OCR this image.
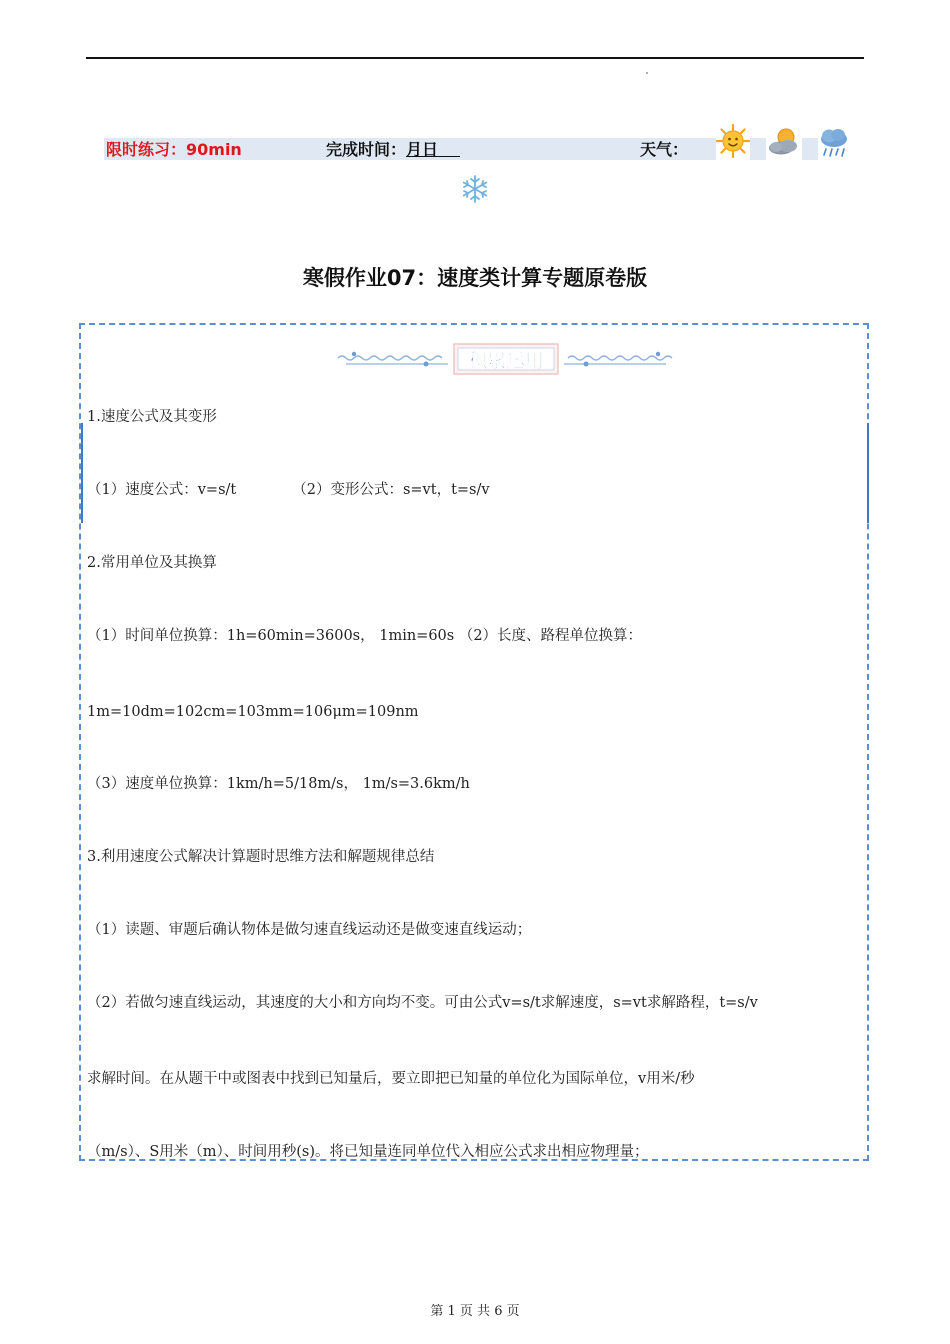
限时练习：90min	完成时间：
月
日	天气：
寒假作业07：速度类计算专题原卷版
积累运用
1.速度公式及其变形
（1）速度公式：v=s/t	（2）变形公式：s=vt，t=s/v
2.常用单位及其换算
（1）时间单位换算：1h=60min=3600s， 1min=60s （2）长度、路程单位换算：
1m=10dm=102cm=103mm=106μm=109nm
（3）速度单位换算：1km/h=5/18m/s， 1m/s=3.6km/h
3.利用速度公式解决计算题时思维方法和解题规律总结
（1）读题、审题后确认物体是做匀速直线运动还是做变速直线运动；
（2）若做匀速直线运动，其速度的大小和方向均不变。可由公式v=s/t求解速度，s=vt求解路程，t=s/v
求解时间。在从题干中或图表中找到已知量后，要立即把已知量的单位化为国际单位，v用米/秒
（m/s）、S用米（m）、时间用秒(s)。将已知量连同单位代入相应公式求出相应物理量；
第 1 页 共 6 页
